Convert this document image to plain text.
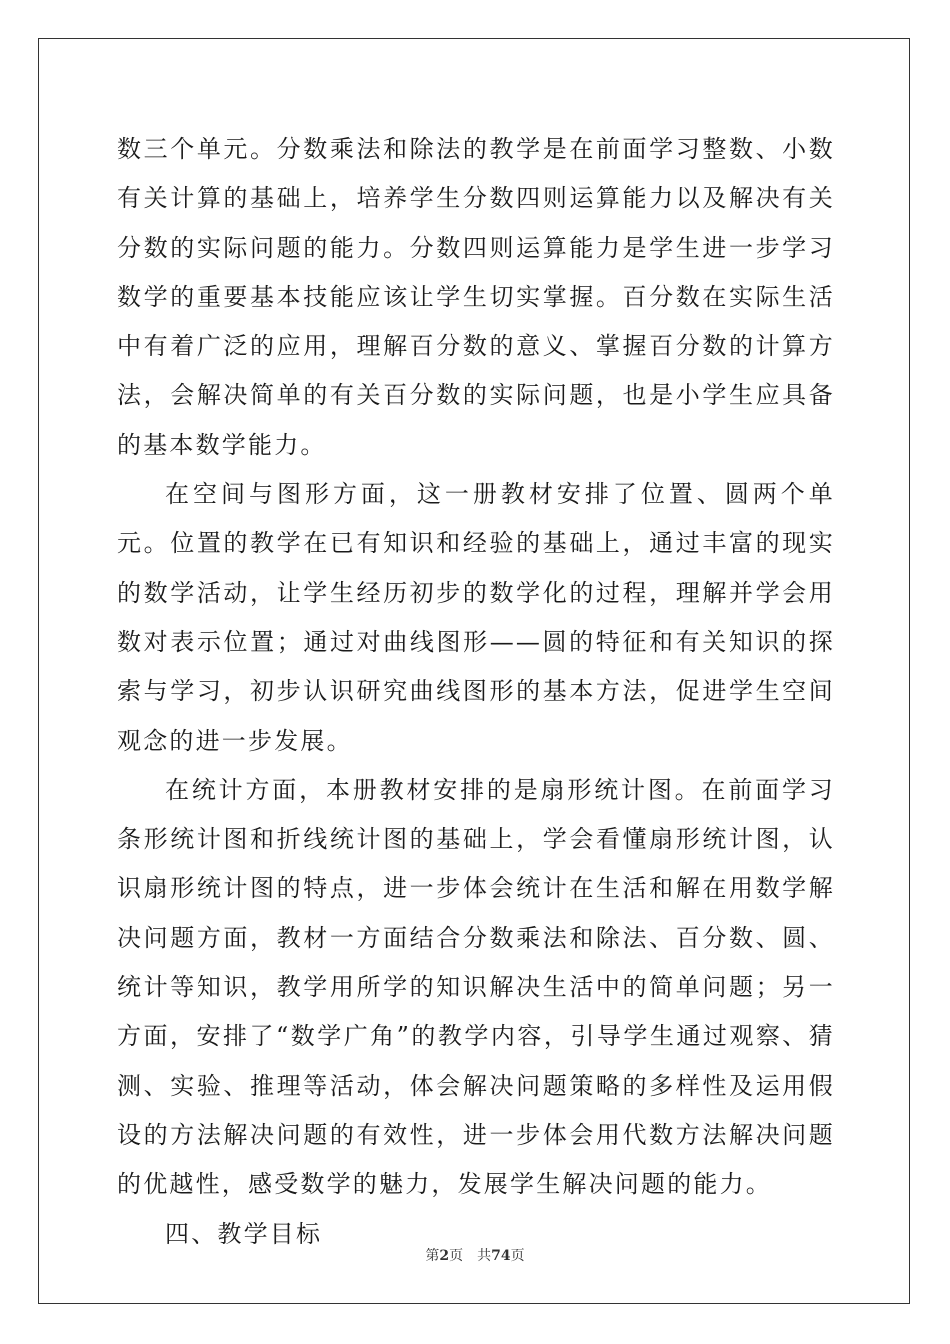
数三个单元。分数乘法和除法的教学是在前面学习整数、小数有关计算的基础上，培养学生分数四则运算能力以及解决有关分数的实际问题的能力。分数四则运算能力是学生进一步学习数学的重要基本技能应该让学生切实掌握。百分数在实际生活中有着广泛的应用，理解百分数的意义、掌握百分数的计算方法，会解决简单的有关百分数的实际问题，也是小学生应具备的基本数学能力。

在空间与图形方面，这一册教材安排了位置、圆两个单元。位置的教学在已有知识和经验的基础上，通过丰富的现实的数学活动，让学生经历初步的数学化的过程，理解并学会用数对表示位置；通过对曲线图形——圆的特征和有关知识的探索与学习，初步认识研究曲线图形的基本方法，促进学生空间观念的进一步发展。

在统计方面，本册教材安排的是扇形统计图。在前面学习条形统计图和折线统计图的基础上，学会看懂扇形统计图，认识扇形统计图的特点，进一步体会统计在生活和解在用数学解决问题方面，教材一方面结合分数乘法和除法、百分数、圆、统计等知识，教学用所学的知识解决生活中的简单问题；另一方面，安排了“数学广角”的教学内容，引导学生通过观察、猜测、实验、推理等活动，体会解决问题策略的多样性及运用假设的方法解决问题的有效性，进一步体会用代数方法解决问题的优越性，感受数学的魅力，发展学生解决问题的能力。

四、教学目标

第2页 共74页
